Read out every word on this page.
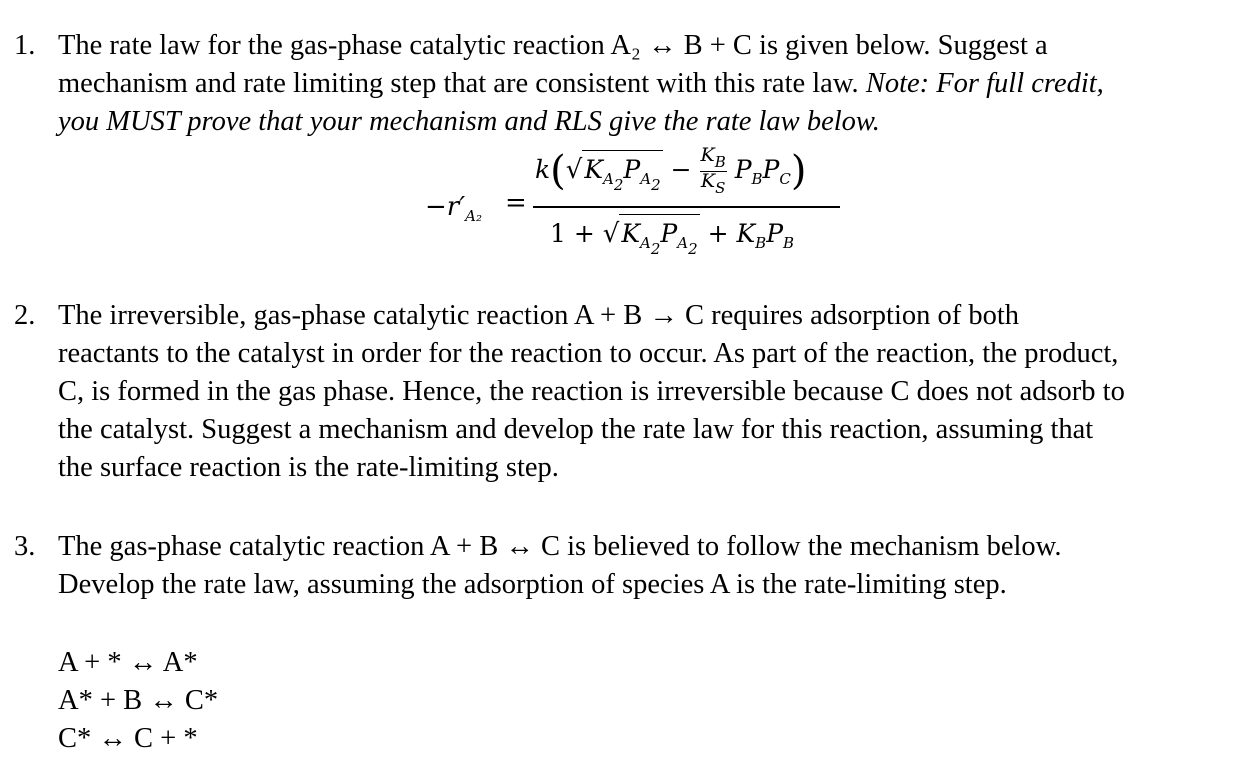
1. The rate law for the gas-phase catalytic reaction A₂ ↔ B + C is given below. Suggest a
mechanism and rate limiting step that are consistent with this rate law. Note: For full credit,
you MUST prove that your mechanism and RLS give the rate law below.
$-r'_{A_2}$ =
$k(√K_{A_2}P_{A_2} - \frac{K_B}{K_S} P_BP_C)$
$1 + √K_{A_2}P_{A_2} + K_BP_B$
2. The irreversible, gas-phase catalytic reaction A + B → C requires adsorption of both
reactants to the catalyst in order for the reaction to occur. As part of the reaction, the product,
C, is formed in the gas phase. Hence, the reaction is irreversible because C does not adsorb to
the catalyst. Suggest a mechanism and develop the rate law for this reaction, assuming that
the surface reaction is the rate-limiting step.
3. The gas-phase catalytic reaction A + B ↔ C is believed to follow the mechanism below.
Develop the rate law, assuming the adsorption of species A is the rate-limiting step.
A + * ↔ A*
A* + B ↔ C*
C* ↔ C + *
